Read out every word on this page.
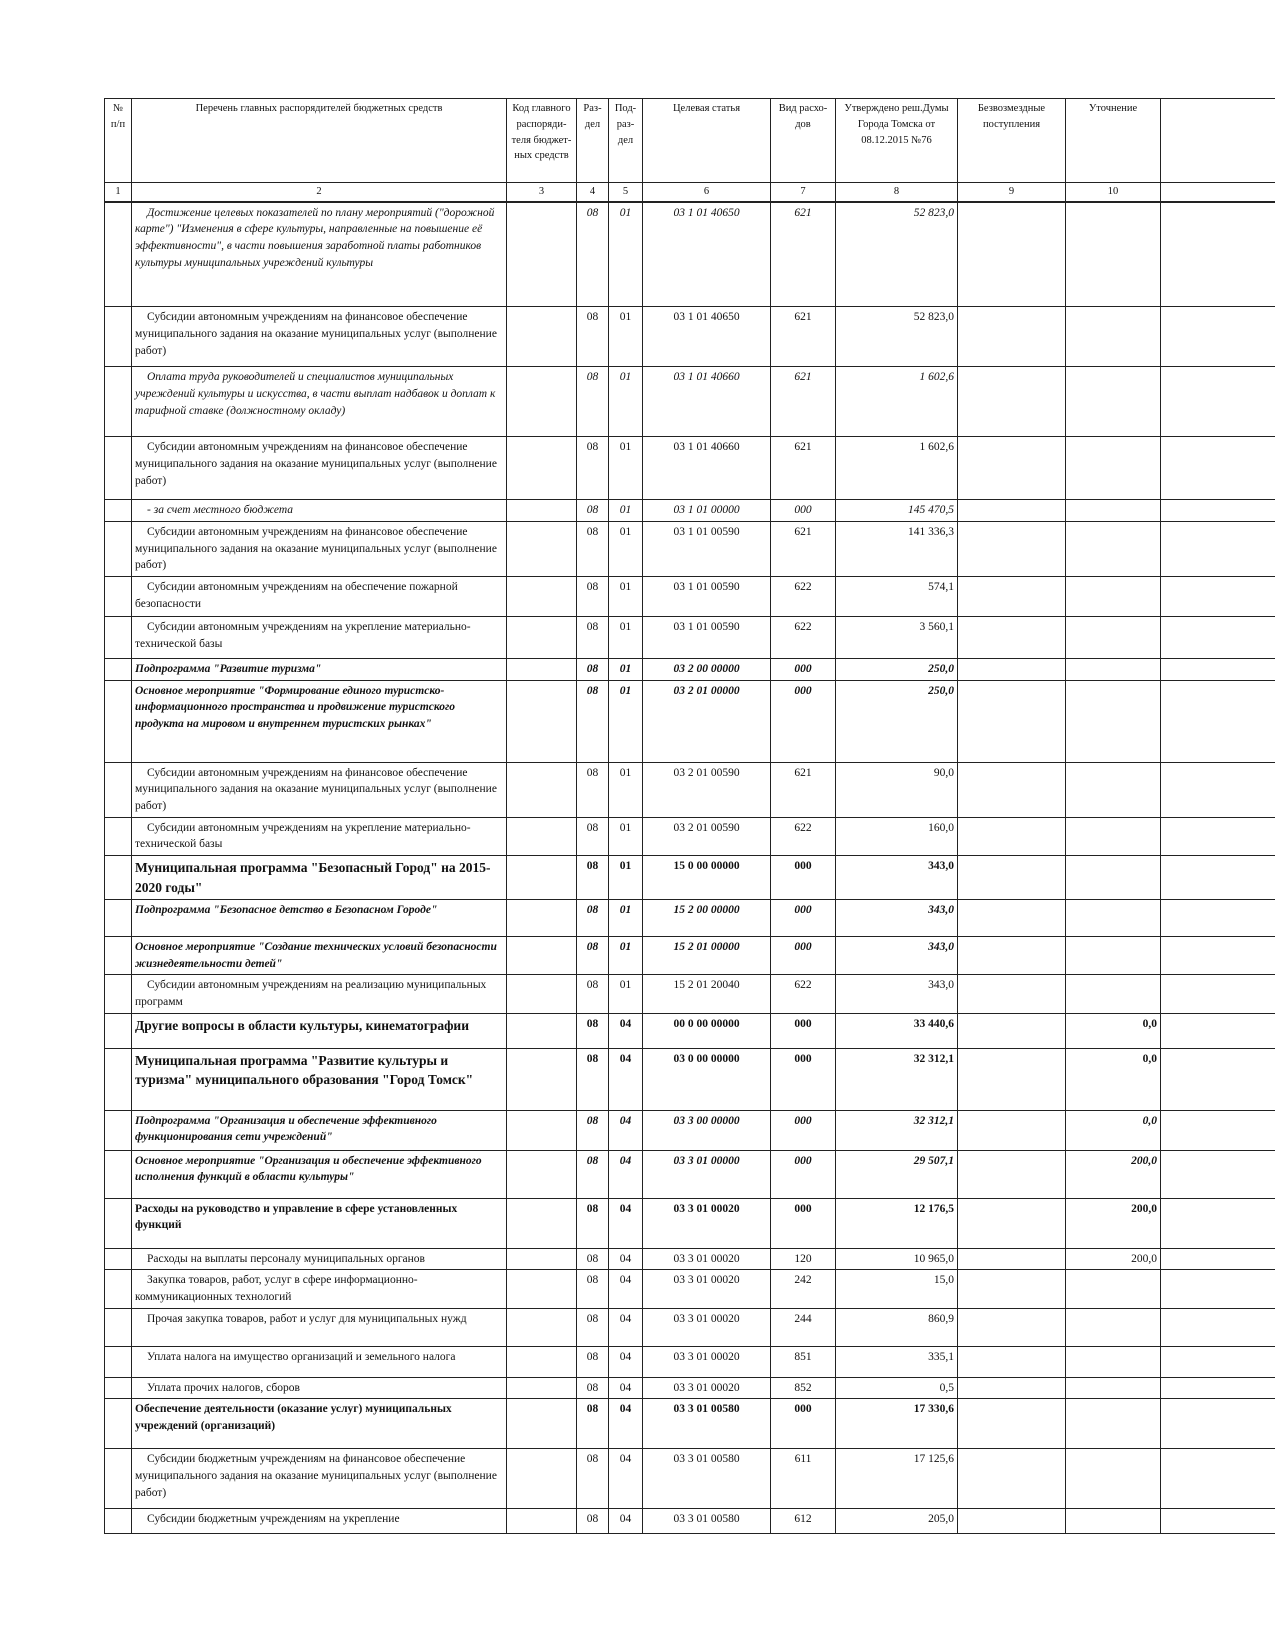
№ п/п	Перечень главных распорядителей бюджетных средств	Код главного распоряди-теля бюджет-ных средств	Раз-дел	Под-раз-дел	Целевая статья	Вид расхо-дов	Утверждено реш.Думы Города Томска от 08.12.2015 №76	Безвозмездные поступления	Уточнение	
1	2	3	4	5	6	7	8	9	10	
	Достижение целевых показателей по плану мероприятий ("дорожной карте") "Изменения в сфере культуры, направленные на повышение её эффективности", в части повышения заработной платы работников культуры муниципальных учреждений культуры		08	01	03 1 01 40650	621	52 823,0			
	Субсидии автономным учреждениям на финансовое обеспечение муниципального задания на оказание муниципальных услуг (выполнение работ)		08	01	03 1 01 40650	621	52 823,0			
	Оплата труда руководителей и специалистов муниципальных учреждений культуры и искусства, в части выплат надбавок и доплат к тарифной ставке (должностному окладу)		08	01	03 1 01 40660	621	1 602,6			
	Субсидии автономным учреждениям на финансовое обеспечение муниципального задания на оказание муниципальных услуг (выполнение работ)		08	01	03 1 01 40660	621	1 602,6			
	- за счет местного бюджета		08	01	03 1 01 00000	000	145 470,5			
	Субсидии автономным учреждениям на финансовое обеспечение муниципального задания на оказание муниципальных услуг (выполнение работ)		08	01	03 1 01 00590	621	141 336,3			
	Субсидии автономным учреждениям на обеспечение пожарной безопасности		08	01	03 1 01 00590	622	574,1			
	Субсидии автономным учреждениям на укрепление материально-технической базы		08	01	03 1 01 00590	622	3 560,1			
	Подпрограмма "Развитие туризма"		08	01	03 2 00 00000	000	250,0			
	Основное мероприятие "Формирование единого туристско-информационного пространства и продвижение туристского продукта на мировом и внутреннем туристских рынках"		08	01	03 2 01 00000	000	250,0			
	Субсидии автономным учреждениям на финансовое обеспечение муниципального задания на оказание муниципальных услуг (выполнение работ)		08	01	03 2 01 00590	621	90,0			
	Субсидии автономным учреждениям на укрепление материально-технической базы		08	01	03 2 01 00590	622	160,0			
	Муниципальная программа "Безопасный Город" на 2015-2020 годы"		08	01	15 0 00 00000	000	343,0			
	Подпрограмма "Безопасное детство в Безопасном Городе"		08	01	15 2 00 00000	000	343,0			
	Основное мероприятие "Создание технических условий безопасности жизнедеятельности детей"		08	01	15 2 01 00000	000	343,0			
	Субсидии автономным учреждениям на реализацию муниципальных программ		08	01	15 2 01 20040	622	343,0			
	Другие вопросы в области культуры, кинематографии		08	04	00 0 00 00000	000	33 440,6		0,0	
	Муниципальная программа "Развитие культуры и туризма" муниципального образования "Город Томск"		08	04	03 0 00 00000	000	32 312,1		0,0	
	Подпрограмма "Организация и обеспечение эффективного функционирования сети учреждений"		08	04	03 3 00 00000	000	32 312,1		0,0	
	Основное мероприятие "Организация и обеспечение эффективного исполнения функций в области культуры"		08	04	03 3 01 00000	000	29 507,1		200,0	
	Расходы на руководство и управление в сфере установленных функций		08	04	03 3 01 00020	000	12 176,5		200,0	
	Расходы на выплаты персоналу муниципальных органов		08	04	03 3 01 00020	120	10 965,0		200,0	
	Закупка товаров, работ, услуг в сфере информационно-коммуникационных технологий		08	04	03 3 01 00020	242	15,0			
	Прочая закупка товаров, работ и услуг для муниципальных нужд		08	04	03 3 01 00020	244	860,9			
	Уплата налога на имущество организаций и земельного налога		08	04	03 3 01 00020	851	335,1			
	Уплата прочих налогов, сборов		08	04	03 3 01 00020	852	0,5			
	Обеспечение деятельности (оказание услуг) муниципальных учреждений (организаций)		08	04	03 3 01 00580	000	17 330,6			
	Субсидии бюджетным учреждениям на финансовое обеспечение муниципального задания на оказание муниципальных услуг (выполнение работ)		08	04	03 3 01 00580	611	17 125,6			
	Субсидии бюджетным учреждениям на укрепление		08	04	03 3 01 00580	612	205,0			
